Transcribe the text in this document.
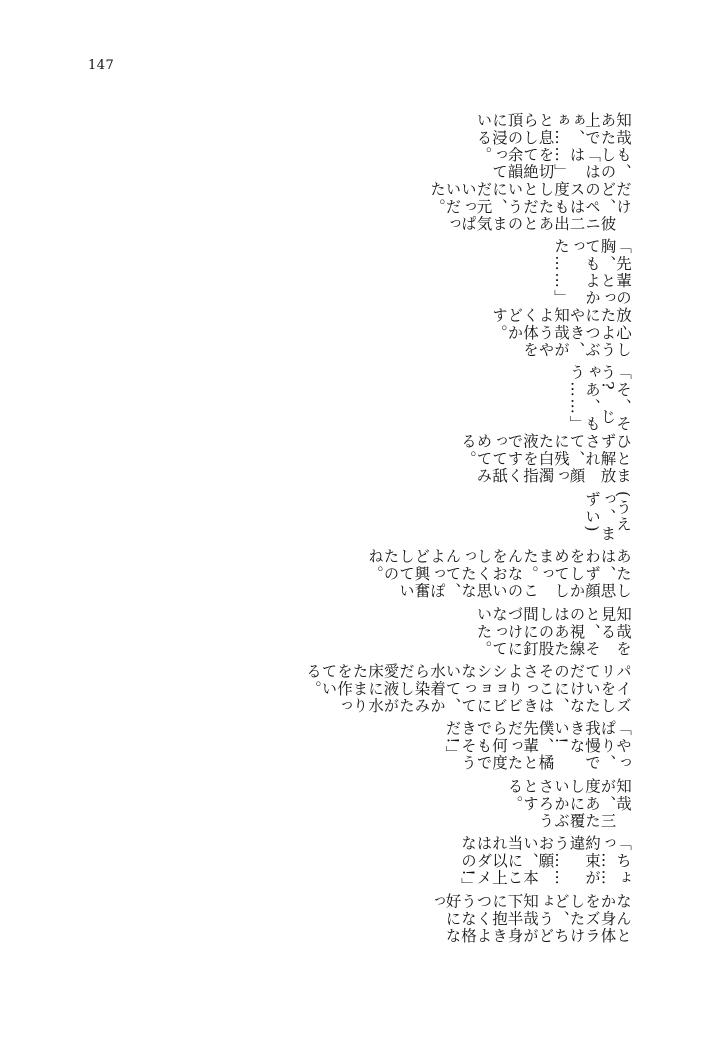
147
知哉も、あたしの上で「はぁ、はぁ……」と息を切らして絶頂の余韻に浸っている。
だけど、彼のペニスは二度も出したあとだというのに、まだ元気いっぱいだった。
「先輩の胸、とってもよかった……」
放心したようにつぶやき、知哉がようやく体をどかす。
「そ、そう?　じゃあ、もう……」
ひとまず解放されて、顔に残った白濁液を指ですくって舐めてみる。
(うえっ、まずい)
あたしは、思わず顔をしかめてしまった。こんなのをおいしく思ったなんて、よっぽど興奮していたのね。
知哉を見ると、その視線はあたしの股間に釘づけになっていた。
パイズリをしていただけなのに、そこはさっきよりビショビショになっていて、水着から染みだした愛液が床に水たまりを作っている。
「やっぱり、我慢できない!　僕、橘先輩とだったら何度でもできそうだ!」
知哉が、三度あたしに覆いかぶさろうとする。
「ちょっ……約束が違う……お願い、本当にこれ以上はダメなの!」
なんとか身体をズラしたけど、ちょうど知哉が下半身に抱きつくような格好になっ
